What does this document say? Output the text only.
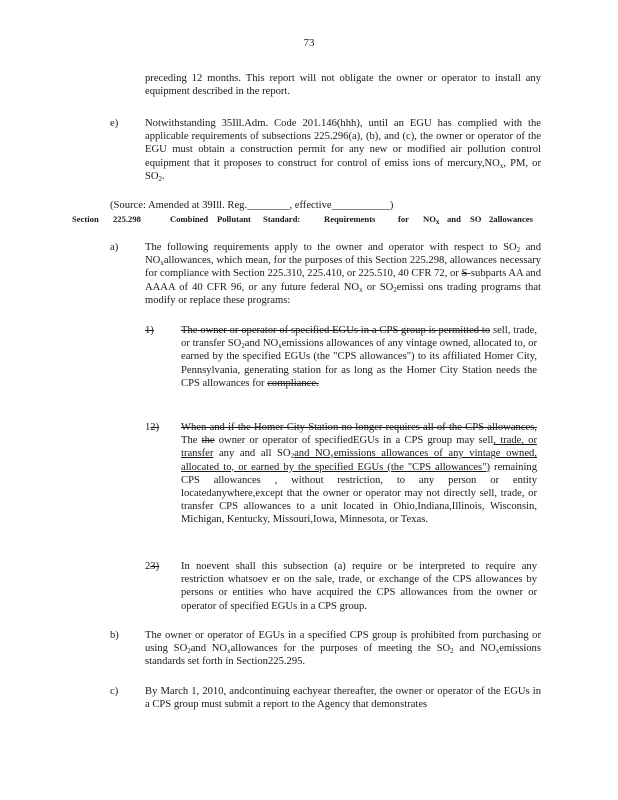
73
preceding 12 months. This report will not obligate the owner or operator to install any equipment described in the report.
e)	Notwithstanding 35Ill.Adm. Code 201.146(hhh), until an EGU has complied with the applicable requirements of subsections 225.296(a), (b), and (c), the owner or operator of the EGU must obtain a construction permit for any new or modified air pollution control equipment that it proposes to construct for control of emiss ions of $mercury,NO_x$, PM, or $SO_2$.
(Source: Amended at 39Ill. Reg.________, effective___________)
Section 225.298	Combined Pollutant Standard:	Requirements	for $NO_x$ and SO 2allowances
a)	The following requirements apply to the owner and operator with respect to $SO_2$ and $NO_xallowances$, which mean, for the purposes of this Section 225.298, allowances necessary for compliance with Section 225.310, 225.410, or 225.510, 40 CFR 72, or S-subparts AA and AAAA of 40 CFR 96, or any future federal $NO_x$ or $SO_2emissi$ ons trading programs that modify or replace these programs:
1)	The owner or operator of specified EGUs in a CPS group is permitted to sell, trade, or transfer $SO_2and$ $NO_xemissions$ allowances of any vintage owned, allocated to, or earned by the specified EGUs (the "CPS allowances") to its affiliated Homer City, Pennsylvania, generating station for as long as the Homer City Station needs the CPS allowances for compliance.
12) When and if the Homer City Station no longer requires all of the CPS allowances, The the owner or operator of specifiedEGUs in a CPS group may sell, trade, or transfer any and all $SO_2and$ $NO_xemissions$ allowances of any vintage owned, allocated to, or earned by the specified EGUs (the "CPS allowances") remaining CPS allowances , without restriction, to any person or entity locatedanywhere,except that the owner or operator may not directly sell, trade, or transfer CPS allowances to a unit located in Ohio,Indiana,Illinois, Wisconsin, Michigan, Kentucky, Missouri,Iowa, Minnesota, or Texas.
23) In noevent shall this subsection (a) require or be interpreted to require any restriction whatsoev er on the sale, trade, or exchange of the CPS allowances by persons or entities who have acquired the CPS allowances from the owner or operator of specified EGUs in a CPS group.
b) The owner or operator of EGUs in a specified CPS group is prohibited from purchasing or using $SO_2and$ $NO_xallowances$ for the purposes of meeting the $SO_2$ and $NO_xemissions$ standards set forth in Section225.295.
c)	By March 1, 2010, andcontinuing eachyear thereafter, the owner or operator of the EGUs in a CPS group must submit a report to the Agency that demonstrates
